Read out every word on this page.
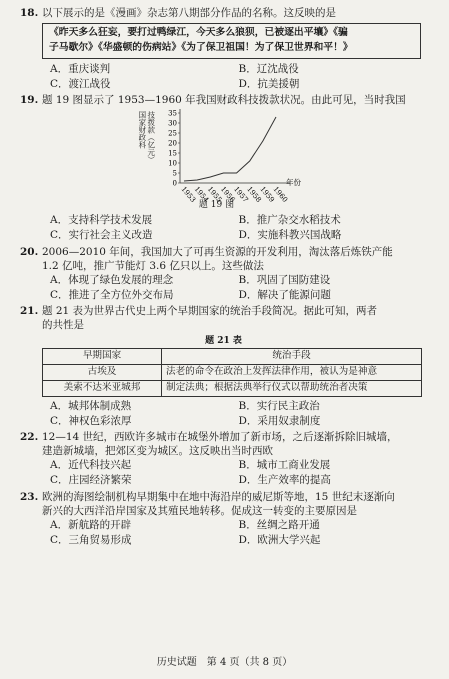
18. 以下展示的是《漫画》杂志第八期部分作品的名称。这反映的是
《昨天多么狂妄，要打过鸭绿江，今天多么狼狈，已被逐出平壤》《骗
子马歇尔》《华盛顿的伤病站》《为了保卫祖国！为了保卫世界和平！》
A．重庆谈判	B．辽沈战役
C．渡江战役	D．抗美援朝
19. 题 19 图显示了 1953—1960 年我国财政科技拨款状况。由此可见，当时我国
国家财政科 技拨款（亿元）
0
5
10
15
20
25
30
35
1953
1954
1955
1956
1957
1958
1959
1960
年份
题 19 图
A．支持科学技术发展	B．推广杂交水稻技术
C．实行社会主义改造	D．实施科教兴国战略
20. 2006—2010 年间，我国加大了可再生资源的开发利用，淘汰落后炼铁产能
1.2 亿吨，推广节能灯 3.6 亿只以上。这些做法
A．体现了绿色发展的理念	B．巩固了国防建设
C．推进了全方位外交布局	D．解决了能源问题
21. 题 21 表为世界古代史上两个早期国家的统治手段简况。据此可知，两者
的共性是
题 21 表
早期国家	统治手段
古埃及	法老的命令在政治上发挥法律作用，被认为是神意
美索不达米亚城邦	制定法典；根据法典举行仪式以帮助统治者决策
A．城邦体制成熟	B．实行民主政治
C．神权色彩浓厚	D．采用奴隶制度
22. 12—14 世纪，西欧许多城市在城堡外增加了新市场，之后逐渐拆除旧城墙，
建造新城墙，把郊区变为城区。这反映出当时西欧
A．近代科技兴起	B．城市工商业发展
C．庄园经济繁荣	D．生产效率的提高
23. 欧洲的海图绘制机构早期集中在地中海沿岸的威尼斯等地，15 世纪末逐渐向
新兴的大西洋沿岸国家及其殖民地转移。促成这一转变的主要原因是
A．新航路的开辟	B．丝绸之路开通
C．三角贸易形成	D．欧洲大学兴起
历史试题　第 4 页（共 8 页）
